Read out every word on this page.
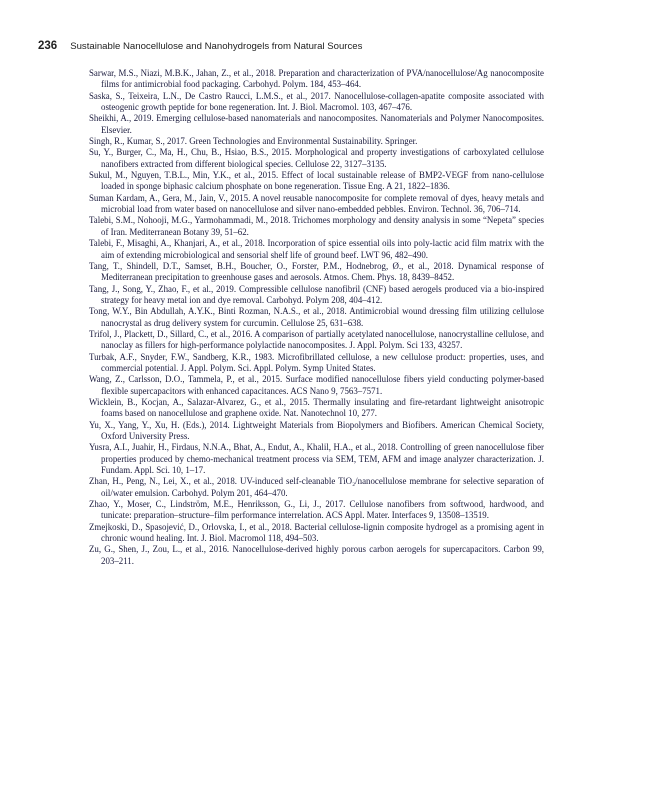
236 Sustainable Nanocellulose and Nanohydrogels from Natural Sources
Sarwar, M.S., Niazi, M.B.K., Jahan, Z., et al., 2018. Preparation and characterization of PVA/nanocellulose/Ag nanocomposite films for antimicrobial food packaging. Carbohyd. Polym. 184, 453–464.
Saska, S., Teixeira, L.N., De Castro Raucci, L.M.S., et al., 2017. Nanocellulose-collagen-apatite composite associated with osteogenic growth peptide for bone regeneration. Int. J. Biol. Macromol. 103, 467–476.
Sheikhi, A., 2019. Emerging cellulose-based nanomaterials and nanocomposites. Nanomaterials and Polymer Nanocomposites. Elsevier.
Singh, R., Kumar, S., 2017. Green Technologies and Environmental Sustainability. Springer.
Su, Y., Burger, C., Ma, H., Chu, B., Hsiao, B.S., 2015. Morphological and property investigations of carboxylated cellulose nanofibers extracted from different biological species. Cellulose 22, 3127–3135.
Sukul, M., Nguyen, T.B.L., Min, Y.K., et al., 2015. Effect of local sustainable release of BMP2-VEGF from nano-cellulose loaded in sponge biphasic calcium phosphate on bone regeneration. Tissue Eng. A 21, 1822–1836.
Suman Kardam, A., Gera, M., Jain, V., 2015. A novel reusable nanocomposite for complete removal of dyes, heavy metals and microbial load from water based on nanocellulose and silver nano-embedded pebbles. Environ. Technol. 36, 706–714.
Talebi, S.M., Nohooji, M.G., Yarmohammadi, M., 2018. Trichomes morphology and density analysis in some “Nepeta” species of Iran. Mediterranean Botany 39, 51–62.
Talebi, F., Misaghi, A., Khanjari, A., et al., 2018. Incorporation of spice essential oils into poly-lactic acid film matrix with the aim of extending microbiological and sensorial shelf life of ground beef. LWT 96, 482–490.
Tang, T., Shindell, D.T., Samset, B.H., Boucher, O., Forster, P.M., Hodnebrog, Ø., et al., 2018. Dynamical response of Mediterranean precipitation to greenhouse gases and aerosols. Atmos. Chem. Phys. 18, 8439–8452.
Tang, J., Song, Y., Zhao, F., et al., 2019. Compressible cellulose nanofibril (CNF) based aerogels produced via a bio-inspired strategy for heavy metal ion and dye removal. Carbohyd. Polym 208, 404–412.
Tong, W.Y., Bin Abdullah, A.Y.K., Binti Rozman, N.A.S., et al., 2018. Antimicrobial wound dressing film utilizing cellulose nanocrystal as drug delivery system for curcumin. Cellulose 25, 631–638.
Trifol, J., Plackett, D., Sillard, C., et al., 2016. A comparison of partially acetylated nanocellulose, nanocrystalline cellulose, and nanoclay as fillers for high-performance polylactide nanocomposites. J. Appl. Polym. Sci 133, 43257.
Turbak, A.F., Snyder, F.W., Sandberg, K.R., 1983. Microfibrillated cellulose, a new cellulose product: properties, uses, and commercial potential. J. Appl. Polym. Sci. Appl. Polym. Symp United States.
Wang, Z., Carlsson, D.O., Tammela, P., et al., 2015. Surface modified nanocellulose fibers yield conducting polymer-based flexible supercapacitors with enhanced capacitances. ACS Nano 9, 7563–7571.
Wicklein, B., Kocjan, A., Salazar-Alvarez, G., et al., 2015. Thermally insulating and fire-retardant lightweight anisotropic foams based on nanocellulose and graphene oxide. Nat. Nanotechnol 10, 277.
Yu, X., Yang, Y., Xu, H. (Eds.), 2014. Lightweight Materials from Biopolymers and Biofibers. American Chemical Society, Oxford University Press.
Yusra, A.I., Juahir, H., Firdaus, N.N.A., Bhat, A., Endut, A., Khalil, H.A., et al., 2018. Controlling of green nanocellulose fiber properties produced by chemo-mechanical treatment process via SEM, TEM, AFM and image analyzer characterization. J. Fundam. Appl. Sci. 10, 1–17.
Zhan, H., Peng, N., Lei, X., et al., 2018. UV-induced self-cleanable TiO₂/nanocellulose membrane for selective separation of oil/water emulsion. Carbohyd. Polym 201, 464–470.
Zhao, Y., Moser, C., Lindström, M.E., Henriksson, G., Li, J., 2017. Cellulose nanofibers from softwood, hardwood, and tunicate: preparation–structure–film performance interrelation. ACS Appl. Mater. Interfaces 9, 13508–13519.
Zmejkoski, D., Spasojević, D., Orlovska, I., et al., 2018. Bacterial cellulose-lignin composite hydrogel as a promising agent in chronic wound healing. Int. J. Biol. Macromol 118, 494–503.
Zu, G., Shen, J., Zou, L., et al., 2016. Nanocellulose-derived highly porous carbon aerogels for supercapacitors. Carbon 99, 203–211.
